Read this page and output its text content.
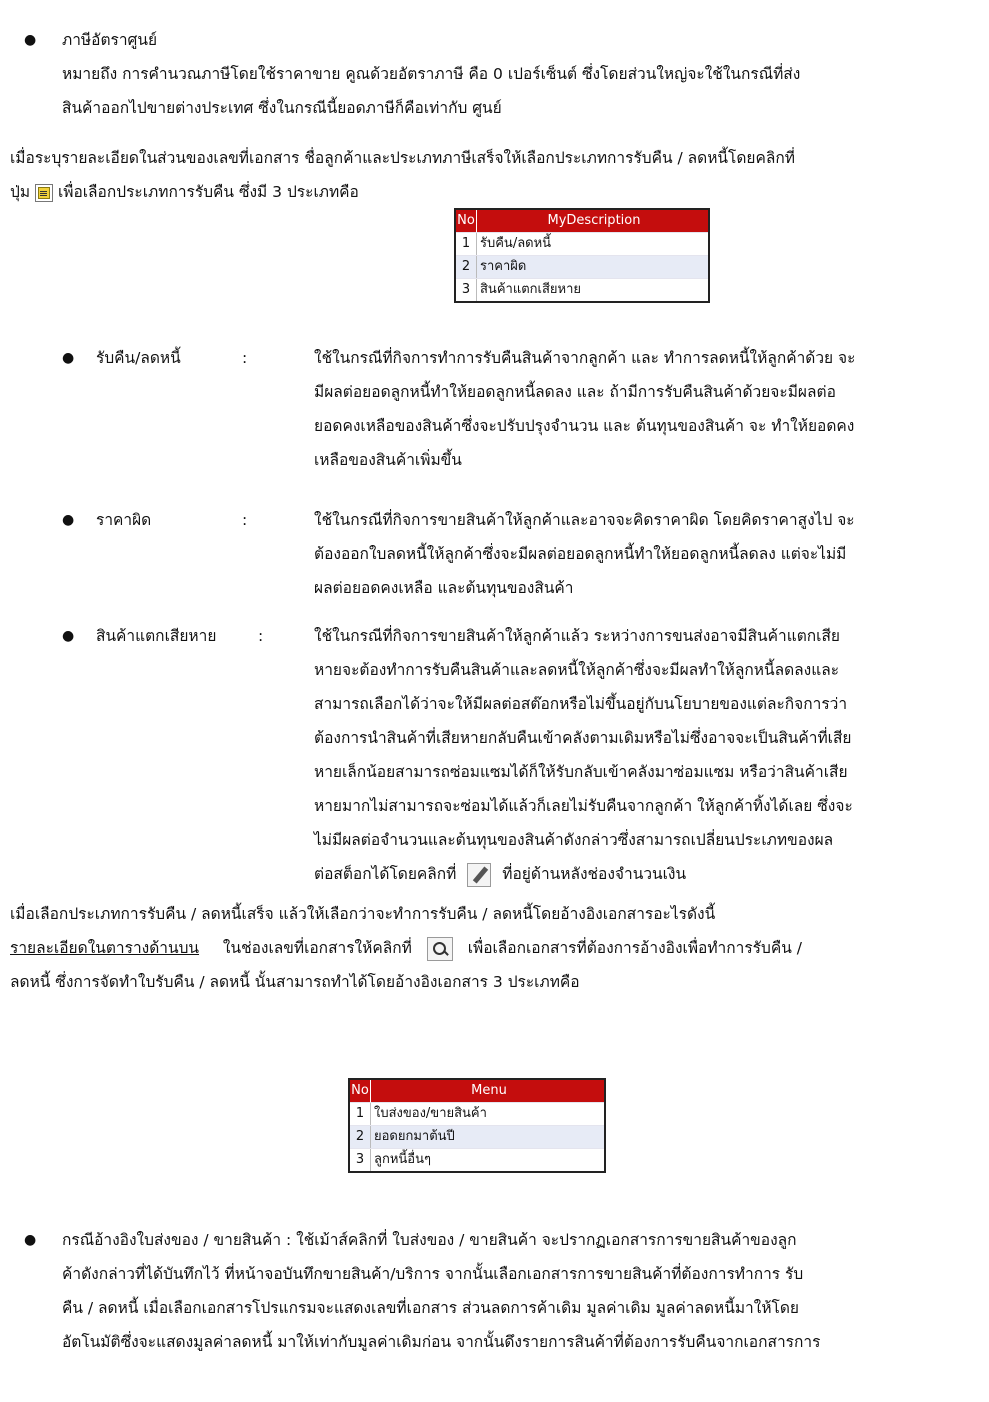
● ภาษีอัตราศูนย์
หมายถึง การคำนวณภาษีโดยใช้ราคาขาย คูณด้วยอัตราภาษี คือ 0 เปอร์เซ็นต์ ซึ่งโดยส่วนใหญ่จะใช้ในกรณีที่ส่ง
สินค้าออกไปขายต่างประเทศ ซึ่งในกรณีนี้ยอดภาษีก็คือเท่ากับ ศูนย์
เมื่อระบุรายละเอียดในส่วนของเลขที่เอกสาร ชื่อลูกค้าและประเภทภาษีเสร็จให้เลือกประเภทการรับคืน / ลดหนี้โดยคลิกที่
ปุ่ม เพื่อเลือกประเภทการรับคืน ซึ่งมี 3 ประเภทคือ
No	MyDescription
1 รับคืน/ลดหนี้
2 ราคาผิด
3 สินค้าแตกเสียหาย
● รับคืน/ลดหนี้	:	ใช้ในกรณีที่กิจการทำการรับคืนสินค้าจากลูกค้า และ ทำการลดหนี้ให้ลูกค้าด้วย จะ
มีผลต่อยอดลูกหนี้ทำให้ยอดลูกหนี้ลดลง และ ถ้ามีการรับคืนสินค้าด้วยจะมีผลต่อ
ยอดคงเหลือของสินค้าซึ่งจะปรับปรุงจำนวน และ ต้นทุนของสินค้า จะ ทำให้ยอดคง
เหลือของสินค้าเพิ่มขึ้น
● ราคาผิด	:	ใช้ในกรณีที่กิจการขายสินค้าให้ลูกค้าและอาจจะคิดราคาผิด โดยคิดราคาสูงไป จะ
ต้องออกใบลดหนี้ให้ลูกค้าซึ่งจะมีผลต่อยอดลูกหนี้ทำให้ยอดลูกหนี้ลดลง แต่จะไม่มี
ผลต่อยอดคงเหลือ และต้นทุนของสินค้า
● สินค้าแตกเสียหาย	:	ใช้ในกรณีที่กิจการขายสินค้าให้ลูกค้าแล้ว ระหว่างการขนส่งอาจมีสินค้าแตกเสีย
หายจะต้องทำการรับคืนสินค้าและลดหนี้ให้ลูกค้าซึ่งจะมีผลทำให้ลูกหนี้ลดลงและ
สามารถเลือกได้ว่าจะให้มีผลต่อสต๊อกหรือไม่ขึ้นอยู่กับนโยบายของแต่ละกิจการว่า
ต้องการนำสินค้าที่เสียหายกลับคืนเข้าคลังตามเดิมหรือไม่ซึ่งอาจจะเป็นสินค้าที่เสีย
หายเล็กน้อยสามารถซ่อมแซมได้ก็ให้รับกลับเข้าคลังมาซ่อมแซม หรือว่าสินค้าเสีย
หายมากไม่สามารถจะซ่อมได้แล้วก็เลยไม่รับคืนจากลูกค้า ให้ลูกค้าทิ้งได้เลย ซึ่งจะ
ไม่มีผลต่อจำนวนและต้นทุนของสินค้าดังกล่าวซึ่งสามารถเปลี่ยนประเภทของผล
ต่อสต็อกได้โดยคลิกที่	ที่อยู่ด้านหลังช่องจำนวนเงิน
เมื่อเลือกประเภทการรับคืน / ลดหนี้เสร็จ แล้วให้เลือกว่าจะทำการรับคืน / ลดหนี้โดยอ้างอิงเอกสารอะไรดังนี้
รายละเอียดในตารางด้านบน ในช่องเลขที่เอกสารให้คลิกที่	เพื่อเลือกเอกสารที่ต้องการอ้างอิงเพื่อทำการรับคืน /
ลดหนี้ ซึ่งการจัดทำใบรับคืน / ลดหนี้ นั้นสามารถทำได้โดยอ้างอิงเอกสาร 3 ประเภทคือ
No	Menu
1 ใบส่งของ/ขายสินค้า
2 ยอดยกมาต้นปี
3 ลูกหนี้อื่นๆ
● กรณีอ้างอิงใบส่งของ / ขายสินค้า : ใช้เม้าส์คลิกที่ ใบส่งของ / ขายสินค้า จะปรากฏเอกสารการขายสินค้าของลูก
ค้าดังกล่าวที่ได้บันทึกไว้ ที่หน้าจอบันทึกขายสินค้า/บริการ จากนั้นเลือกเอกสารการขายสินค้าที่ต้องการทำการ รับ
คืน / ลดหนี้ เมื่อเลือกเอกสารโปรแกรมจะแสดงเลขที่เอกสาร ส่วนลดการค้าเดิม มูลค่าเดิม มูลค่าลดหนี้มาให้โดย
อัตโนมัติซึ่งจะแสดงมูลค่าลดหนี้ มาให้เท่ากับมูลค่าเดิมก่อน จากนั้นดึงรายการสินค้าที่ต้องการรับคืนจากเอกสารการ
